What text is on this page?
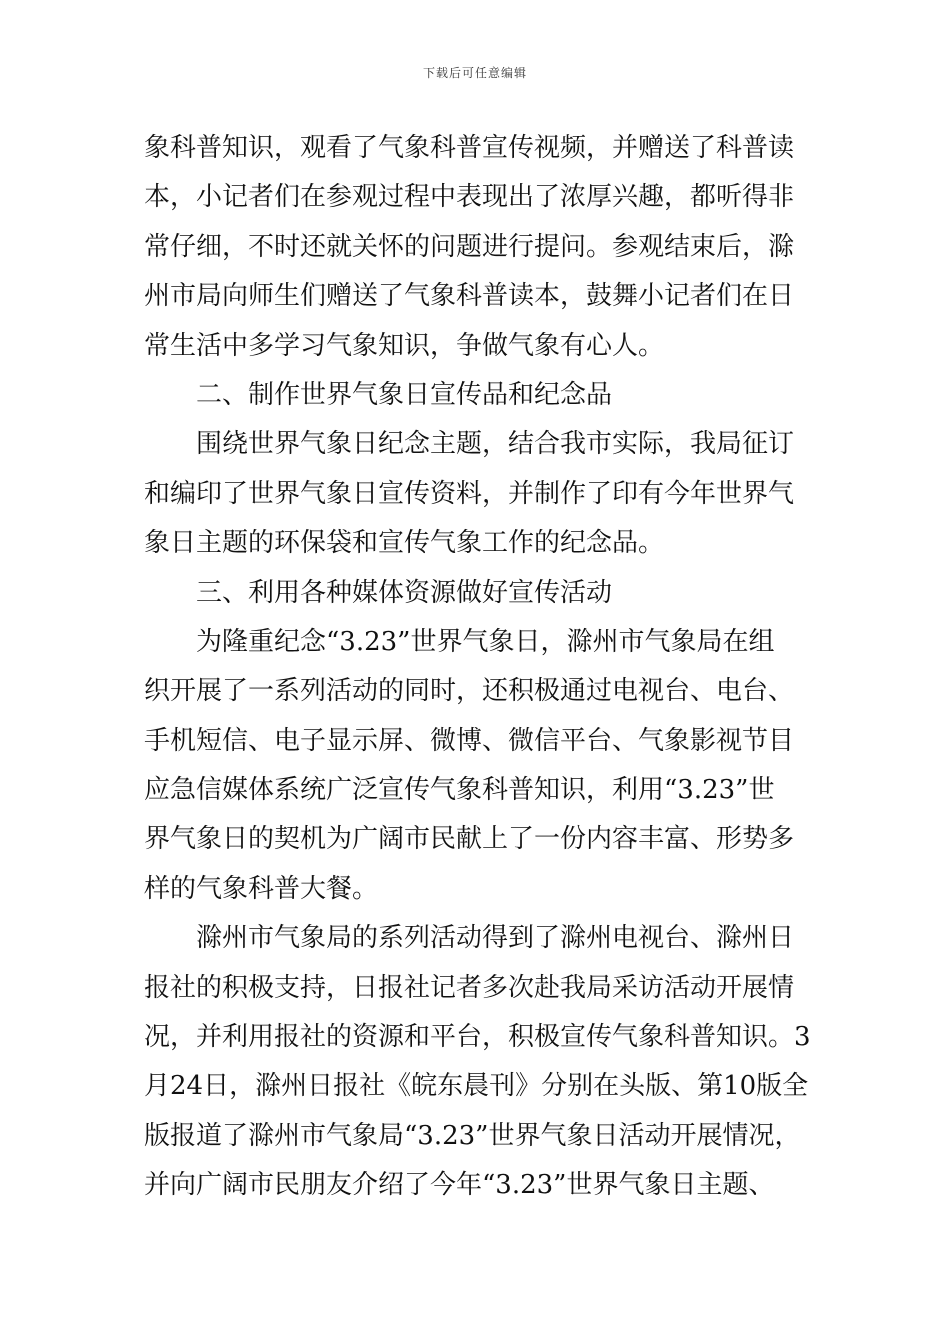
下载后可任意编辑
象科普知识，观看了气象科普宣传视频，并赠送了科普读
本，小记者们在参观过程中表现出了浓厚兴趣，都听得非
常仔细，不时还就关怀的问题进行提问。参观结束后，滁
州市局向师生们赠送了气象科普读本，鼓舞小记者们在日
常生活中多学习气象知识，争做气象有心人。
二、制作世界气象日宣传品和纪念品
围绕世界气象日纪念主题，结合我市实际，我局征订
和编印了世界气象日宣传资料，并制作了印有今年世界气
象日主题的环保袋和宣传气象工作的纪念品。
三、利用各种媒体资源做好宣传活动
为隆重纪念“3.23”世界气象日，滁州市气象局在组
织开展了一系列活动的同时，还积极通过电视台、电台、
手机短信、电子显示屏、微博、微信平台、气象影视节目
应急信媒体系统广泛宣传气象科普知识，利用“3.23”世
界气象日的契机为广阔市民献上了一份内容丰富、形势多
样的气象科普大餐。
滁州市气象局的系列活动得到了滁州电视台、滁州日
报社的积极支持，日报社记者多次赴我局采访活动开展情
况，并利用报社的资源和平台，积极宣传气象科普知识。3
月24日，滁州日报社《皖东晨刊》分别在头版、第10版全
版报道了滁州市气象局“3.23”世界气象日活动开展情况，
并向广阔市民朋友介绍了今年“3.23”世界气象日主题、
